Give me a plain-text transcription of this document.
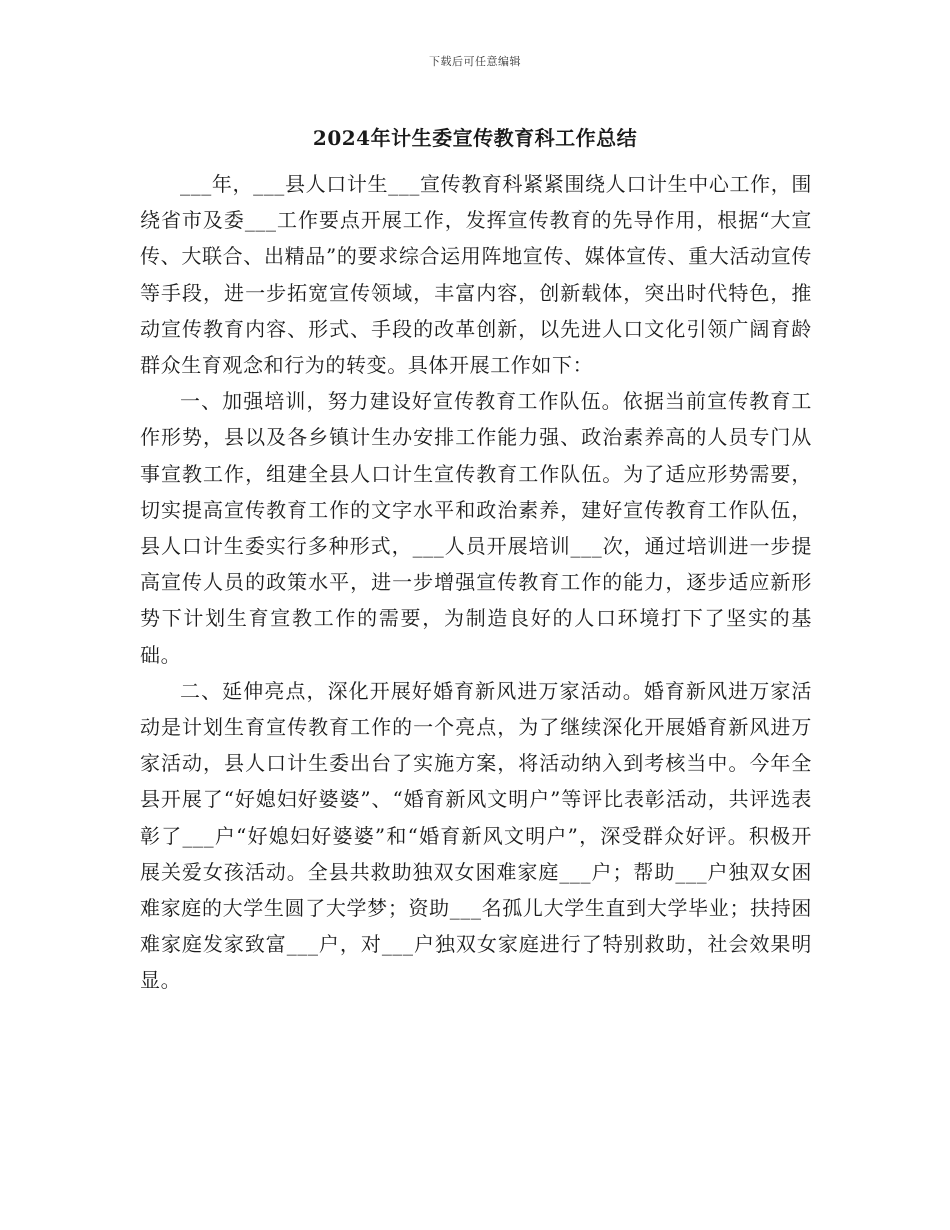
下载后可任意编辑
2024年计生委宣传教育科工作总结

___年，___县人口计生___宣传教育科紧紧围绕人口计生中心工作，围绕省市及委___工作要点开展工作，发挥宣传教育的先导作用，根据“大宣传、大联合、出精品”的要求综合运用阵地宣传、媒体宣传、重大活动宣传等手段，进一步拓宽宣传领域，丰富内容，创新载体，突出时代特色，推动宣传教育内容、形式、手段的改革创新，以先进人口文化引领广阔育龄群众生育观念和行为的转变。具体开展工作如下：

一、加强培训，努力建设好宣传教育工作队伍。依据当前宣传教育工作形势，县以及各乡镇计生办安排工作能力强、政治素养高的人员专门从事宣教工作，组建全县人口计生宣传教育工作队伍。为了适应形势需要，切实提高宣传教育工作的文字水平和政治素养，建好宣传教育工作队伍，县人口计生委实行多种形式，___人员开展培训___次，通过培训进一步提高宣传人员的政策水平，进一步增强宣传教育工作的能力，逐步适应新形势下计划生育宣教工作的需要，为制造良好的人口环境打下了坚实的基础。

二、延伸亮点，深化开展好婚育新风进万家活动。婚育新风进万家活动是计划生育宣传教育工作的一个亮点，为了继续深化开展婚育新风进万家活动，县人口计生委出台了实施方案，将活动纳入到考核当中。今年全县开展了“好媳妇好婆婆”、“婚育新风文明户”等评比表彰活动，共评选表彰了___户“好媳妇好婆婆”和“婚育新风文明户”，深受群众好评。积极开展关爱女孩活动。全县共救助独双女困难家庭___户；帮助___户独双女困难家庭的大学生圆了大学梦；资助___名孤儿大学生直到大学毕业；扶持困难家庭发家致富___户，对___户独双女家庭进行了特别救助，社会效果明显。
